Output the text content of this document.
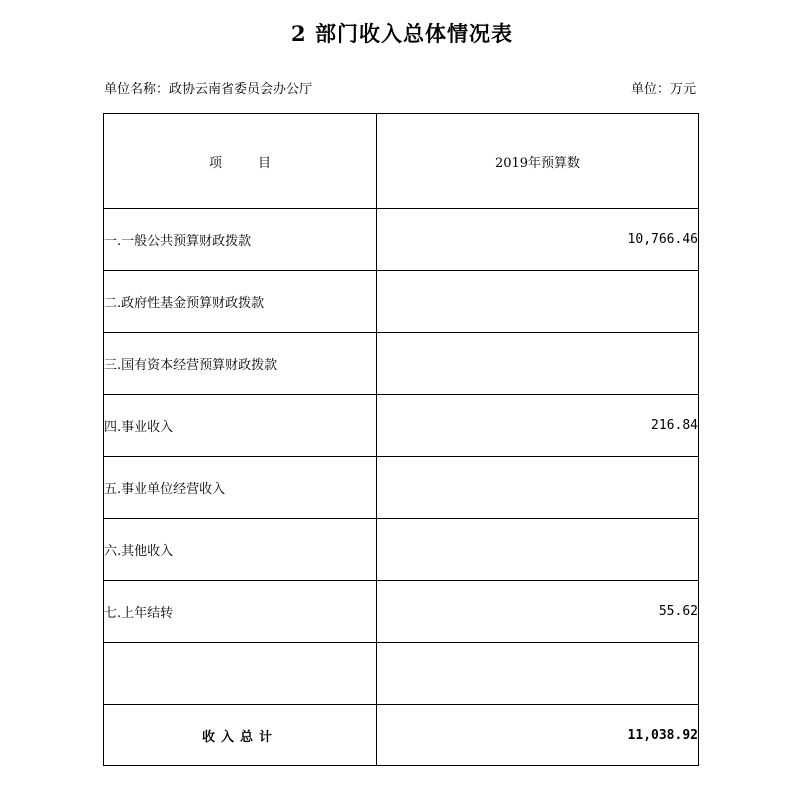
2 部门收入总体情况表
单位名称：政协云南省委员会办公厅	单位：万元
项目	2019年预算数
一.一般公共预算财政拨款	10,766.46
二.政府性基金预算财政拨款	
三.国有资本经营预算财政拨款	
四.事业收入	216.84
五.事业单位经营收入	
六.其他收入	
七.上年结转	55.62

收入总计	11,038.92
